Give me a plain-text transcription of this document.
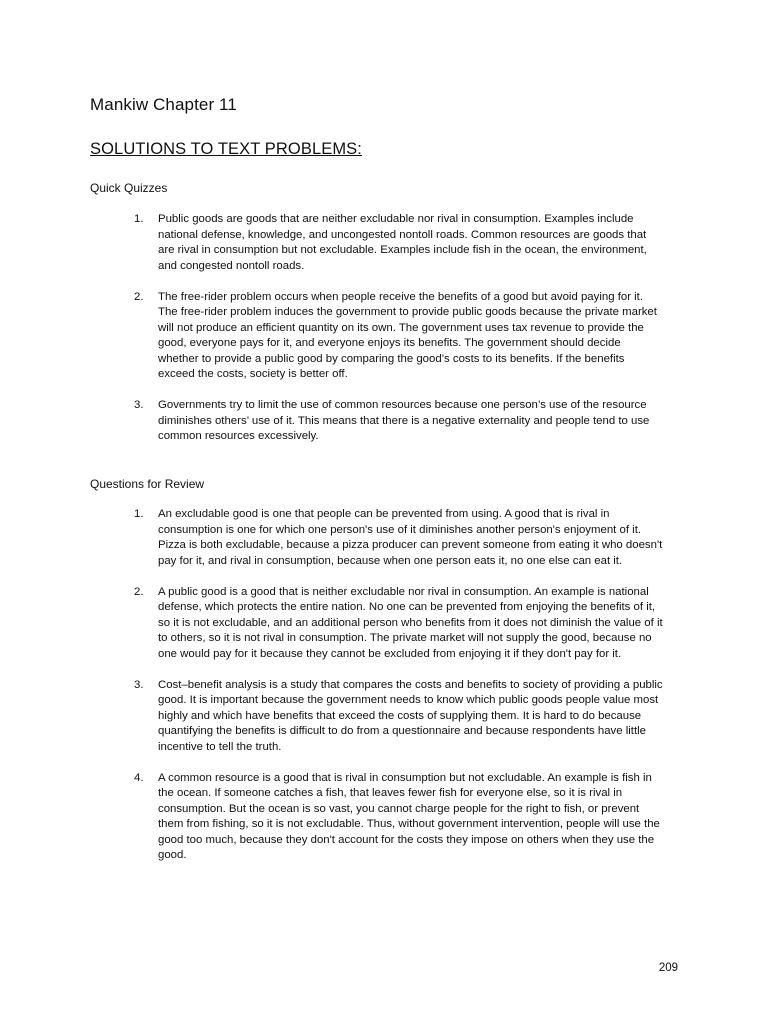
Mankiw Chapter 11
SOLUTIONS TO TEXT PROBLEMS:
Quick Quizzes
1. Public goods are goods that are neither excludable nor rival in consumption. Examples include national defense, knowledge, and uncongested nontoll roads. Common resources are goods that are rival in consumption but not excludable. Examples include fish in the ocean, the environment, and congested nontoll roads.
2. The free-rider problem occurs when people receive the benefits of a good but avoid paying for it. The free-rider problem induces the government to provide public goods because the private market will not produce an efficient quantity on its own. The government uses tax revenue to provide the good, everyone pays for it, and everyone enjoys its benefits. The government should decide whether to provide a public good by comparing the good’s costs to its benefits. If the benefits exceed the costs, society is better off.
3. Governments try to limit the use of common resources because one person’s use of the resource diminishes others’ use of it. This means that there is a negative externality and people tend to use common resources excessively.
Questions for Review
1. An excludable good is one that people can be prevented from using. A good that is rival in consumption is one for which one person's use of it diminishes another person's enjoyment of it. Pizza is both excludable, because a pizza producer can prevent someone from eating it who doesn't pay for it, and rival in consumption, because when one person eats it, no one else can eat it.
2. A public good is a good that is neither excludable nor rival in consumption. An example is national defense, which protects the entire nation. No one can be prevented from enjoying the benefits of it, so it is not excludable, and an additional person who benefits from it does not diminish the value of it to others, so it is not rival in consumption. The private market will not supply the good, because no one would pay for it because they cannot be excluded from enjoying it if they don't pay for it.
3. Cost–benefit analysis is a study that compares the costs and benefits to society of providing a public good. It is important because the government needs to know which public goods people value most highly and which have benefits that exceed the costs of supplying them. It is hard to do because quantifying the benefits is difficult to do from a questionnaire and because respondents have little incentive to tell the truth.
4. A common resource is a good that is rival in consumption but not excludable. An example is fish in the ocean. If someone catches a fish, that leaves fewer fish for everyone else, so it is rival in consumption. But the ocean is so vast, you cannot charge people for the right to fish, or prevent them from fishing, so it is not excludable. Thus, without government intervention, people will use the good too much, because they don't account for the costs they impose on others when they use the good.
209
